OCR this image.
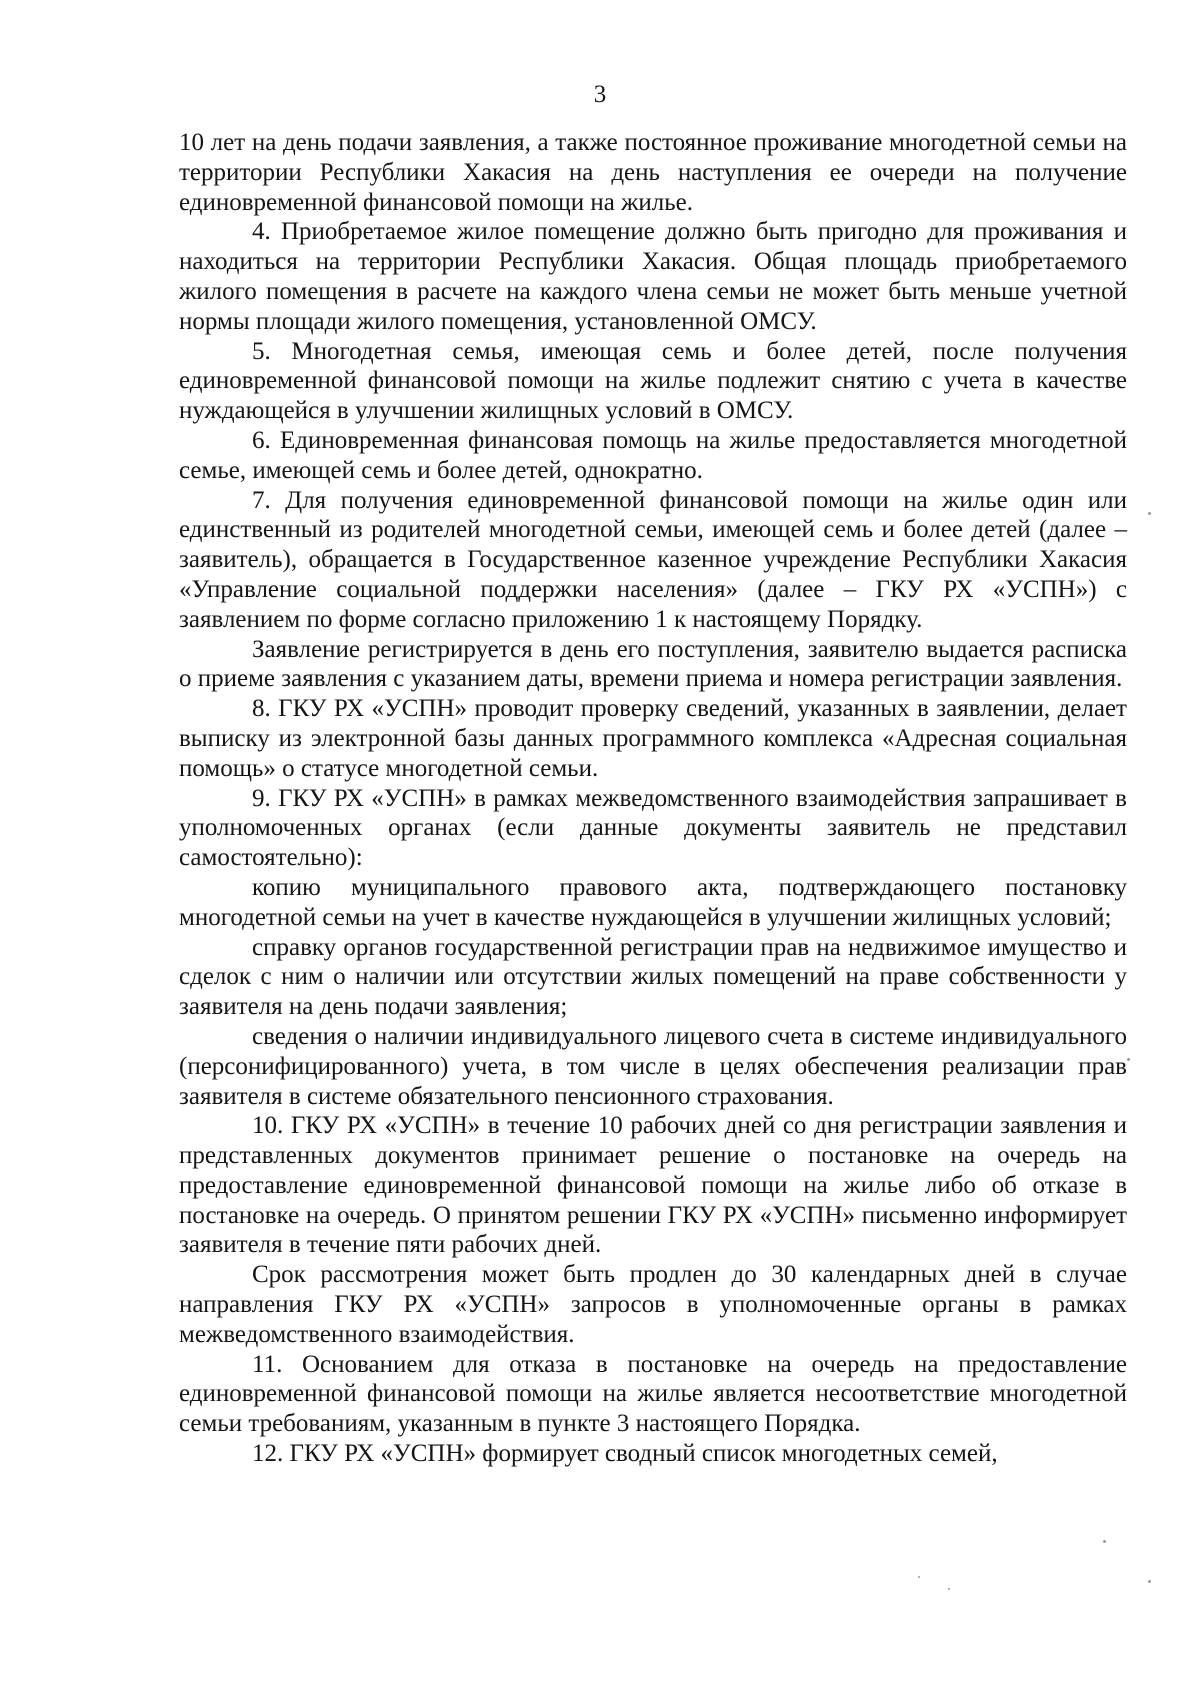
3

10 лет на день подачи заявления, а также постоянное проживание многодетной семьи на территории Республики Хакасия на день наступления ее очереди на получение единовременной финансовой помощи на жилье.

4. Приобретаемое жилое помещение должно быть пригодно для проживания и находиться на территории Республики Хакасия. Общая площадь приобретаемого жилого помещения в расчете на каждого члена семьи не может быть меньше учетной нормы площади жилого помещения, установленной ОМСУ.

5. Многодетная семья, имеющая семь и более детей, после получения единовременной финансовой помощи на жилье подлежит снятию с учета в качестве нуждающейся в улучшении жилищных условий в ОМСУ.

6. Единовременная финансовая помощь на жилье предоставляется многодетной семье, имеющей семь и более детей, однократно.

7. Для получения единовременной финансовой помощи на жилье один или единственный из родителей многодетной семьи, имеющей семь и более детей (далее – заявитель), обращается в Государственное казенное учреждение Республики Хакасия «Управление социальной поддержки населения» (далее – ГКУ РХ «УСПН») с заявлением по форме согласно приложению 1 к настоящему Порядку.

Заявление регистрируется в день его поступления, заявителю выдается расписка о приеме заявления с указанием даты, времени приема и номера регистрации заявления.

8. ГКУ РХ «УСПН» проводит проверку сведений, указанных в заявлении, делает выписку из электронной базы данных программного комплекса «Адресная социальная помощь» о статусе многодетной семьи.

9. ГКУ РХ «УСПН» в рамках межведомственного взаимодействия запрашивает в уполномоченных органах (если данные документы заявитель не представил самостоятельно):

копию муниципального правового акта, подтверждающего постановку многодетной семьи на учет в качестве нуждающейся в улучшении жилищных условий;

справку органов государственной регистрации прав на недвижимое имущество и сделок с ним о наличии или отсутствии жилых помещений на праве собственности у заявителя на день подачи заявления;

сведения о наличии индивидуального лицевого счета в системе индивидуального (персонифицированного) учета, в том числе в целях обеспечения реализации прав заявителя в системе обязательного пенсионного страхования.

10. ГКУ РХ «УСПН» в течение 10 рабочих дней со дня регистрации заявления и представленных документов принимает решение о постановке на очередь на предоставление единовременной финансовой помощи на жилье либо об отказе в постановке на очередь. О принятом решении ГКУ РХ «УСПН» письменно информирует заявителя в течение пяти рабочих дней.

Срок рассмотрения может быть продлен до 30 календарных дней в случае направления ГКУ РХ «УСПН» запросов в уполномоченные органы в рамках межведомственного взаимодействия.

11. Основанием для отказа в постановке на очередь на предоставление единовременной финансовой помощи на жилье является несоответствие многодетной семьи требованиям, указанным в пункте 3 настоящего Порядка.

12. ГКУ РХ «УСПН» формирует сводный список многодетных семей,
